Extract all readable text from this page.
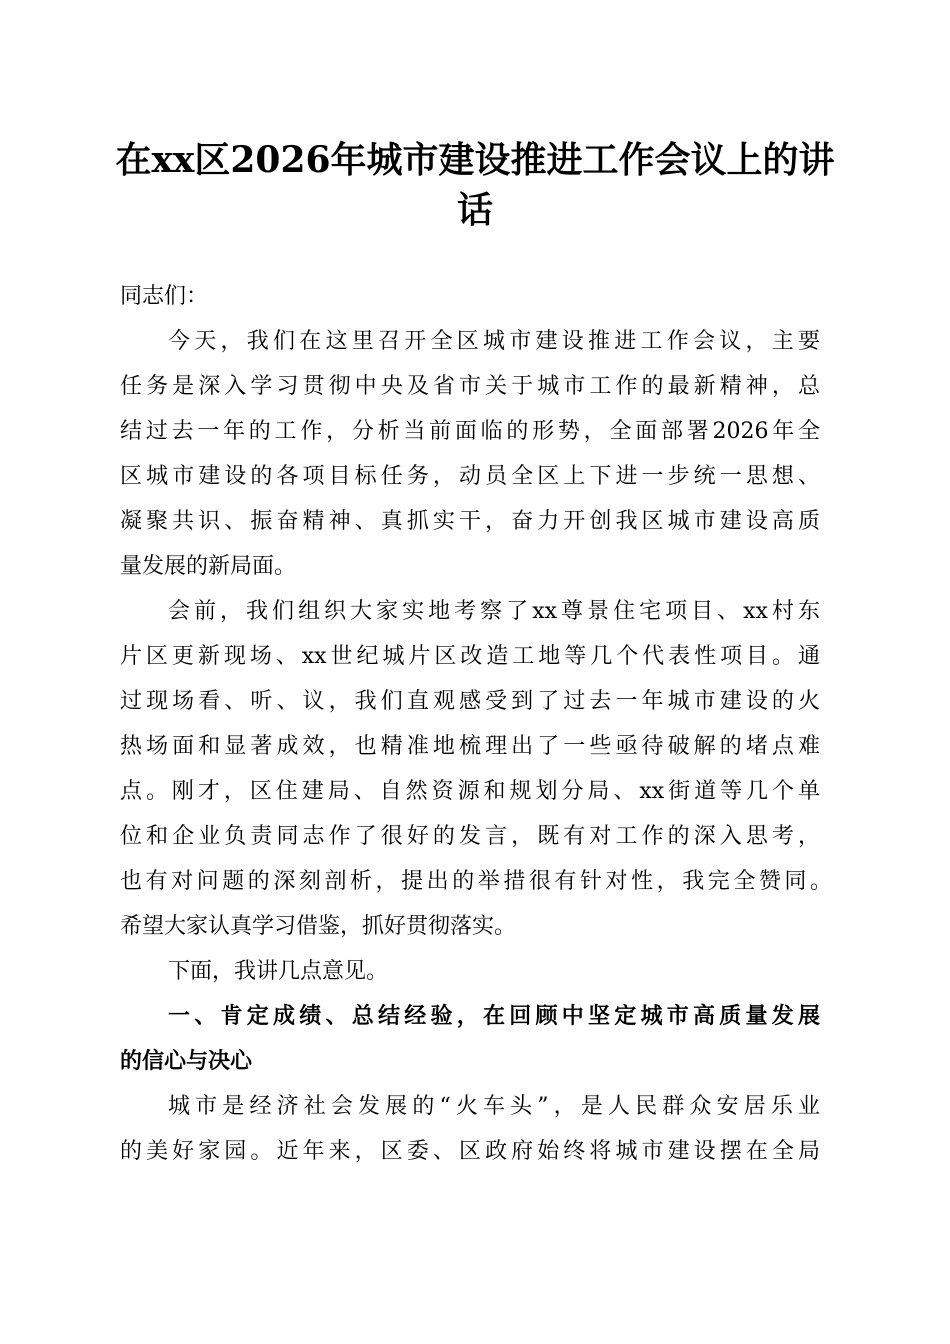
在xx区2026年城市建设推进工作会议上的讲
话
同志们：
今天，我们在这里召开全区城市建设推进工作会议，主要
任务是深入学习贯彻中央及省市关于城市工作的最新精神，总
结过去一年的工作，分析当前面临的形势，全面部署2026年全
区城市建设的各项目标任务，动员全区上下进一步统一思想、
凝聚共识、振奋精神、真抓实干，奋力开创我区城市建设高质
量发展的新局面。
会前，我们组织大家实地考察了xx尊景住宅项目、xx村东
片区更新现场、xx世纪城片区改造工地等几个代表性项目。通
过现场看、听、议，我们直观感受到了过去一年城市建设的火
热场面和显著成效，也精准地梳理出了一些亟待破解的堵点难
点。刚才，区住建局、自然资源和规划分局、xx街道等几个单
位和企业负责同志作了很好的发言，既有对工作的深入思考，
也有对问题的深刻剖析，提出的举措很有针对性，我完全赞同。
希望大家认真学习借鉴，抓好贯彻落实。
下面，我讲几点意见。
一、肯定成绩、总结经验，在回顾中坚定城市高质量发展
的信心与决心
城市是经济社会发展的“火车头”，是人民群众安居乐业
的美好家园。近年来，区委、区政府始终将城市建设摆在全局
